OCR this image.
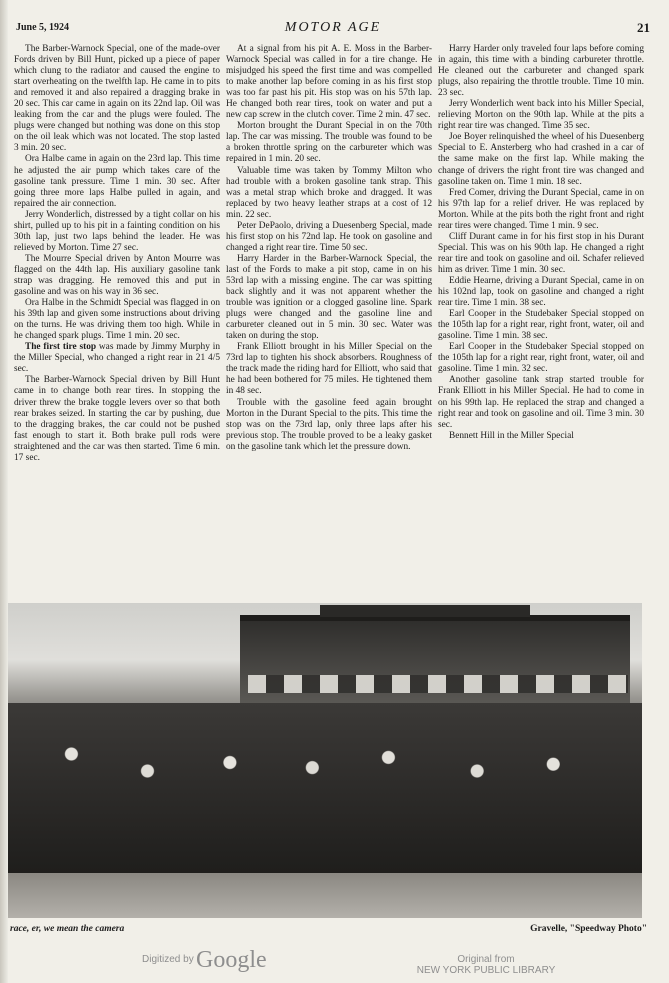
June 5, 1924	MOTOR AGE	21

The Barber-Warnock Special, one of the made-over Fords driven by Bill Hunt, picked up a piece of paper which clung to the radiator and caused the engine to start overheating on the twelfth lap. He came in to pits and removed it and also repaired a dragging brake in 20 sec. This car came in again on its 22nd lap. Oil was leaking from the car and the plugs were fouled. The plugs were changed but nothing was done on this stop on the oil leak which was not located. The stop lasted 3 min. 20 sec.

Ora Halbe came in again on the 23rd lap. This time he adjusted the air pump which takes care of the gasoline tank pressure. Time 1 min. 30 sec. After going three more laps Halbe pulled in again, and repaired the air connection.

Jerry Wonderlich, distressed by a tight collar on his shirt, pulled up to his pit in a fainting condition on his 30th lap, just two laps behind the leader. He was relieved by Morton. Time 27 sec.

The Mourre Special driven by Anton Mourre was flagged on the 44th lap. His auxiliary gasoline tank strap was dragging. He removed this and put in gasoline and was on his way in 36 sec.

Ora Halbe in the Schmidt Special was flagged in on his 39th lap and given some instructions about driving on the turns. He was driving them too high. While in he changed spark plugs. Time 1 min. 20 sec.

The first tire stop was made by Jimmy Murphy in the Miller Special, who changed a right rear in 21 4/5 sec.

The Barber-Warnock Special driven by Bill Hunt came in to change both rear tires. In stopping the driver threw the brake toggle levers over so that both rear brakes seized. In starting the car by pushing, due to the dragging brakes, the car could not be pushed fast enough to start it. Both brake pull rods were straightened and the car was then started. Time 6 min. 17 sec.

At a signal from his pit A. E. Moss in the Barber-Warnock Special was called in for a tire change. He misjudged his speed the first time and was compelled to make another lap before coming in as his first stop was too far past his pit. His stop was on his 57th lap. He changed both rear tires, took on water and put a new cap screw in the clutch cover. Time 2 min. 47 sec.

Morton brought the Durant Special in on the 70th lap. The car was missing. The trouble was found to be a broken throttle spring on the carbureter which was repaired in 1 min. 20 sec.

Valuable time was taken by Tommy Milton who had trouble with a broken gasoline tank strap. This was a metal strap which broke and dragged. It was replaced by two heavy leather straps at a cost of 12 min. 22 sec.

Peter DePaolo, driving a Duesenberg Special, made his first stop on his 72nd lap. He took on gasoline and changed a right rear tire. Time 50 sec.

Harry Harder in the Barber-Warnock Special, the last of the Fords to make a pit stop, came in on his 53rd lap with a missing engine. The car was spitting back slightly and it was not apparent whether the trouble was ignition or a clogged gasoline line. Spark plugs were changed and the gasoline line and carbureter cleaned out in 5 min. 30 sec. Water was taken on during the stop.

Frank Elliott brought in his Miller Special on the 73rd lap to tighten his shock absorbers. Roughness of the track made the riding hard for Elliott, who said that he had been bothered for 75 miles. He tightened them in 48 sec.

Trouble with the gasoline feed again brought Morton in the Durant Special to the pits. This time the stop was on the 73rd lap, only three laps after his previous stop. The trouble proved to be a leaky gasket on the gasoline tank which let the pressure down.

Harry Harder only traveled four laps before coming in again, this time with a binding carbureter throttle. He cleaned out the carbureter and changed spark plugs, also repairing the throttle trouble. Time 10 min. 23 sec.

Jerry Wonderlich went back into his Miller Special, relieving Morton on the 90th lap. While at the pits a right rear tire was changed. Time 35 sec.

Joe Boyer relinquished the wheel of his Duesenberg Special to E. Ansterberg who had crashed in a car of the same make on the first lap. While making the change of drivers the right front tire was changed and gasoline taken on. Time 1 min. 18 sec.

Fred Comer, driving the Durant Special, came in on his 97th lap for a relief driver. He was replaced by Morton. While at the pits both the right front and right rear tires were changed. Time 1 min. 9 sec.

Cliff Durant came in for his first stop in his Durant Special. This was on his 90th lap. He changed a right rear tire and took on gasoline and oil. Schafer relieved him as driver. Time 1 min. 30 sec.

Eddie Hearne, driving a Durant Special, came in on his 102nd lap, took on gasoline and changed a right rear tire. Time 1 min. 38 sec.

Earl Cooper in the Studebaker Special stopped on the 105th lap for a right rear, right front, water, oil and gasoline. Time 1 min. 38 sec.

Earl Cooper in the Studebaker Special stopped on the 105th lap for a right rear, right front, water, oil and gasoline. Time 1 min. 32 sec.

Another gasoline tank strap started trouble for Frank Elliott in his Miller Special. He had to come in on his 99th lap. He replaced the strap and changed a right rear and took on gasoline and oil. Time 3 min. 30 sec.

Bennett Hill in the Miller Special

race, er, we mean the camera	Gravelle, "Speedway Photo"
Digitized by Google	Original from
NEW YORK PUBLIC LIBRARY
